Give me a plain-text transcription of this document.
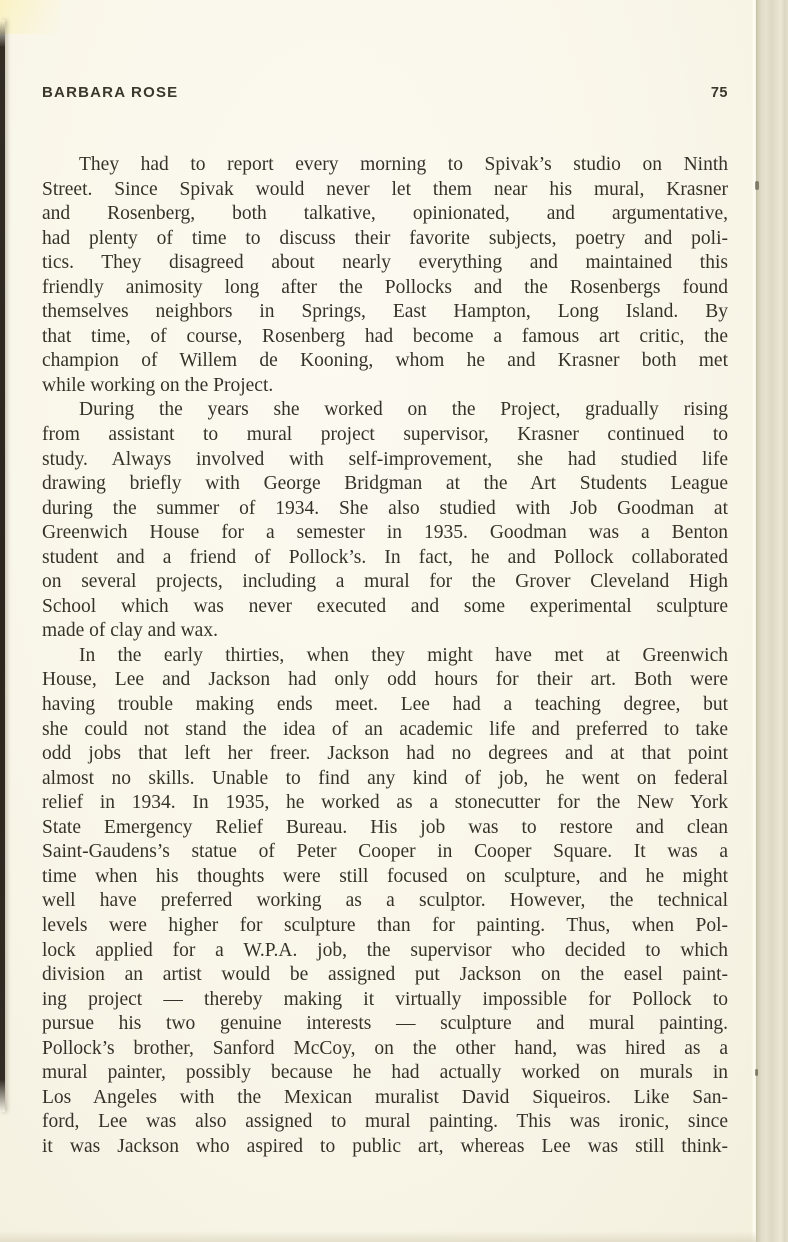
BARBARA ROSE	75
They had to report every morning to Spivak’s studio on Ninth
Street. Since Spivak would never let them near his mural, Krasner
and Rosenberg, both talkative, opinionated, and argumentative,
had plenty of time to discuss their favorite subjects, poetry and poli-
tics. They disagreed about nearly everything and maintained this
friendly animosity long after the Pollocks and the Rosenbergs found
themselves neighbors in Springs, East Hampton, Long Island. By
that time, of course, Rosenberg had become a famous art critic, the
champion of Willem de Kooning, whom he and Krasner both met
while working on the Project.
During the years she worked on the Project, gradually rising
from assistant to mural project supervisor, Krasner continued to
study. Always involved with self-improvement, she had studied life
drawing briefly with George Bridgman at the Art Students League
during the summer of 1934. She also studied with Job Goodman at
Greenwich House for a semester in 1935. Goodman was a Benton
student and a friend of Pollock’s. In fact, he and Pollock collaborated
on several projects, including a mural for the Grover Cleveland High
School which was never executed and some experimental sculpture
made of clay and wax.
In the early thirties, when they might have met at Greenwich
House, Lee and Jackson had only odd hours for their art. Both were
having trouble making ends meet. Lee had a teaching degree, but
she could not stand the idea of an academic life and preferred to take
odd jobs that left her freer. Jackson had no degrees and at that point
almost no skills. Unable to find any kind of job, he went on federal
relief in 1934. In 1935, he worked as a stonecutter for the New York
State Emergency Relief Bureau. His job was to restore and clean
Saint-Gaudens’s statue of Peter Cooper in Cooper Square. It was a
time when his thoughts were still focused on sculpture, and he might
well have preferred working as a sculptor. However, the technical
levels were higher for sculpture than for painting. Thus, when Pol-
lock applied for a W.P.A. job, the supervisor who decided to which
division an artist would be assigned put Jackson on the easel paint-
ing project — thereby making it virtually impossible for Pollock to
pursue his two genuine interests — sculpture and mural painting.
Pollock’s brother, Sanford McCoy, on the other hand, was hired as a
mural painter, possibly because he had actually worked on murals in
Los Angeles with the Mexican muralist David Siqueiros. Like San-
ford, Lee was also assigned to mural painting. This was ironic, since
it was Jackson who aspired to public art, whereas Lee was still think-
